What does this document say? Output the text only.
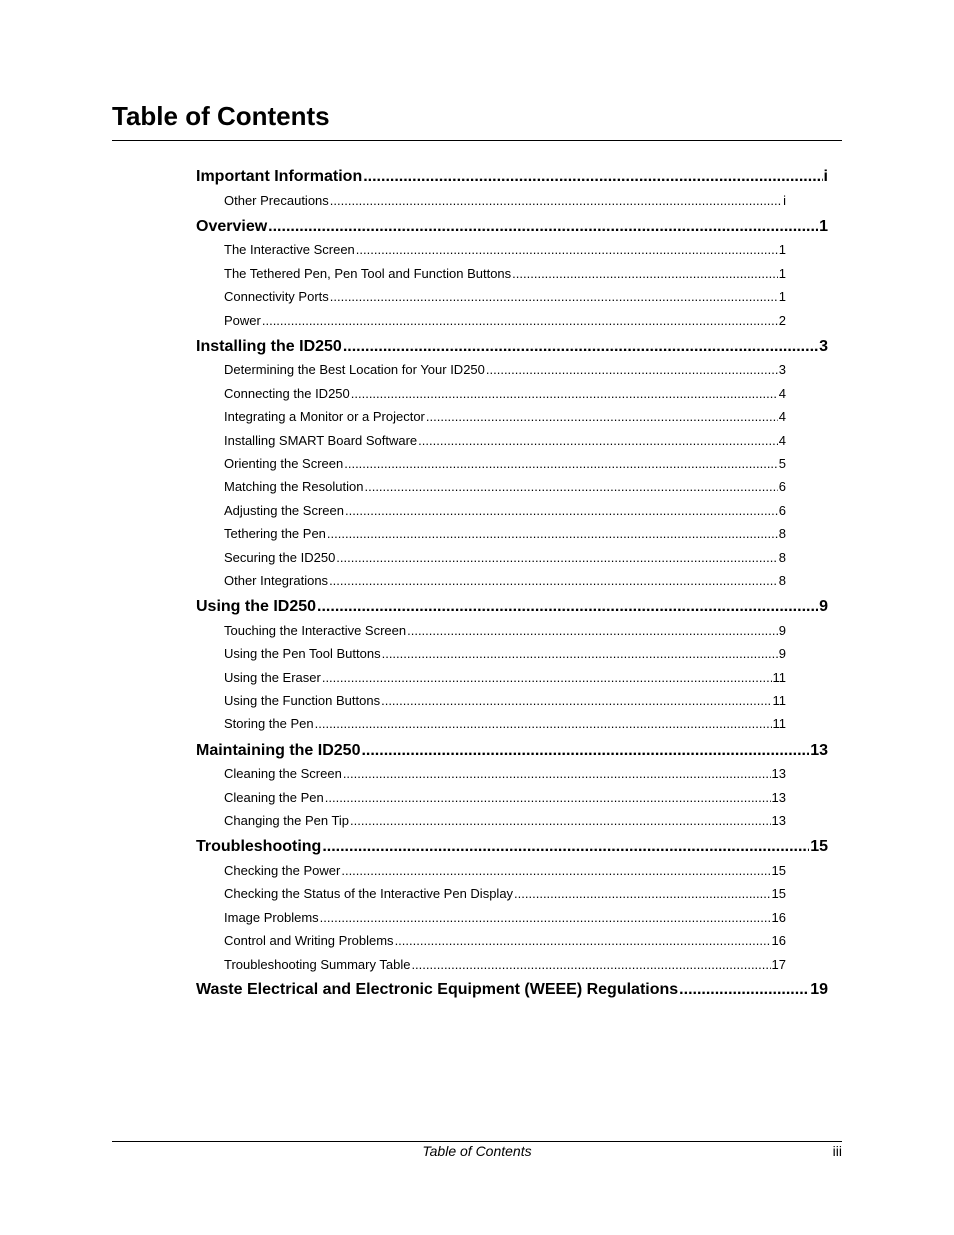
Table of Contents
Important Information .....	i
Other Precautions .....	i
Overview .....	1
The Interactive Screen .....	1
The Tethered Pen, Pen Tool and Function Buttons .....	1
Connectivity Ports .....	1
Power .....	2
Installing the ID250 .....	3
Determining the Best Location for Your ID250 .....	3
Connecting the ID250 .....	4
Integrating a Monitor or a Projector .....	4
Installing SMART Board Software .....	4
Orienting the Screen .....	5
Matching the Resolution .....	6
Adjusting the Screen .....	6
Tethering the Pen .....	8
Securing the ID250 .....	8
Other Integrations .....	8
Using the ID250 .....	9
Touching the Interactive Screen .....	9
Using the Pen Tool Buttons .....	9
Using the Eraser .....	11
Using the Function Buttons .....	11
Storing the Pen .....	11
Maintaining the ID250 .....	13
Cleaning the Screen .....	13
Cleaning the Pen .....	13
Changing the Pen Tip .....	13
Troubleshooting .....	15
Checking the Power .....	15
Checking the Status of the Interactive Pen Display .....	15
Image Problems .....	16
Control and Writing Problems .....	16
Troubleshooting Summary Table .....	17
Waste Electrical and Electronic Equipment (WEEE) Regulations .....	19
Table of Contents	iii
